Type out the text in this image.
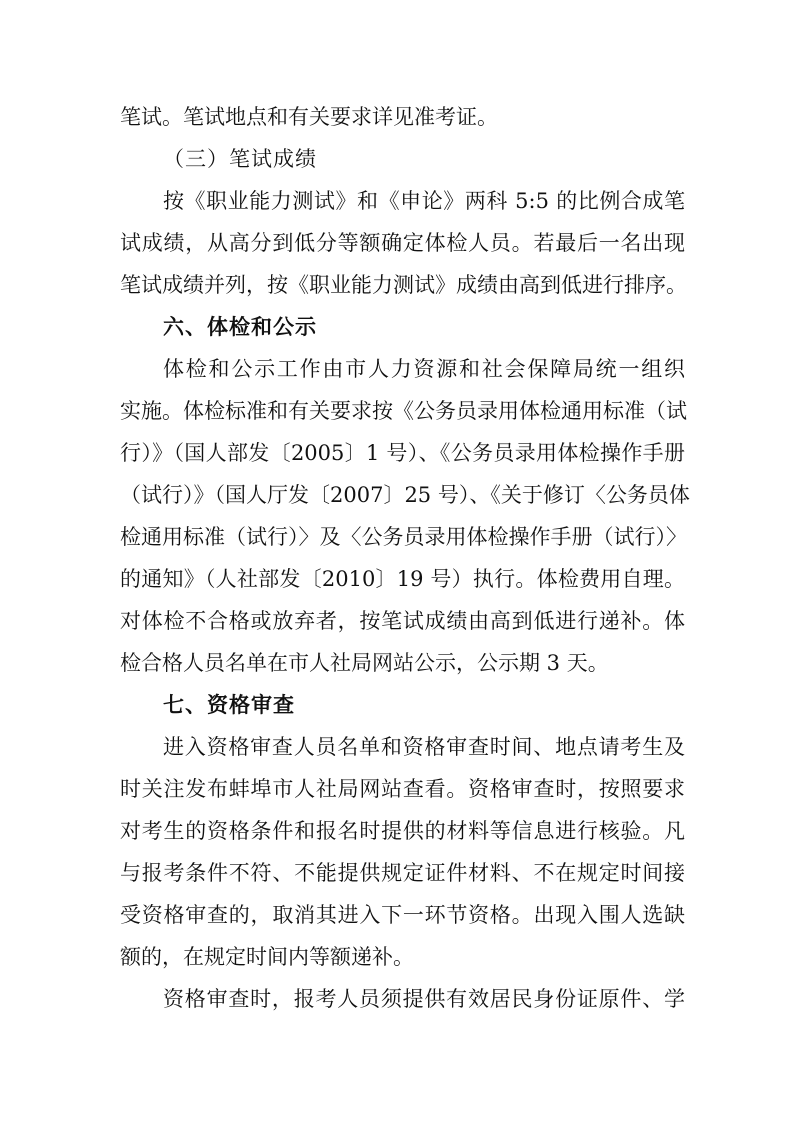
笔试。笔试地点和有关要求详见准考证。
（三）笔试成绩
按《职业能力测试》和《申论》两科 5:5 的比例合成笔
试成绩，从高分到低分等额确定体检人员。若最后一名出现
笔试成绩并列，按《职业能力测试》成绩由高到低进行排序。
六、体检和公示
体检和公示工作由市人力资源和社会保障局统一组织
实施。体检标准和有关要求按《公务员录用体检通用标准（试
行）》（国人部发〔2005〕1 号）、《公务员录用体检操作手册
（试行）》（国人厅发〔2007〕25 号）、《关于修订〈公务员体
检通用标准（试行）〉及〈公务员录用体检操作手册（试行）〉
的通知》（人社部发〔2010〕19 号）执行。体检费用自理。
对体检不合格或放弃者，按笔试成绩由高到低进行递补。体
检合格人员名单在市人社局网站公示，公示期 3 天。
七、资格审查
进入资格审查人员名单和资格审查时间、地点请考生及
时关注发布蚌埠市人社局网站查看。资格审查时，按照要求
对考生的资格条件和报名时提供的材料等信息进行核验。凡
与报考条件不符、不能提供规定证件材料、不在规定时间接
受资格审查的，取消其进入下一环节资格。出现入围人选缺
额的，在规定时间内等额递补。
资格审查时，报考人员须提供有效居民身份证原件、学
